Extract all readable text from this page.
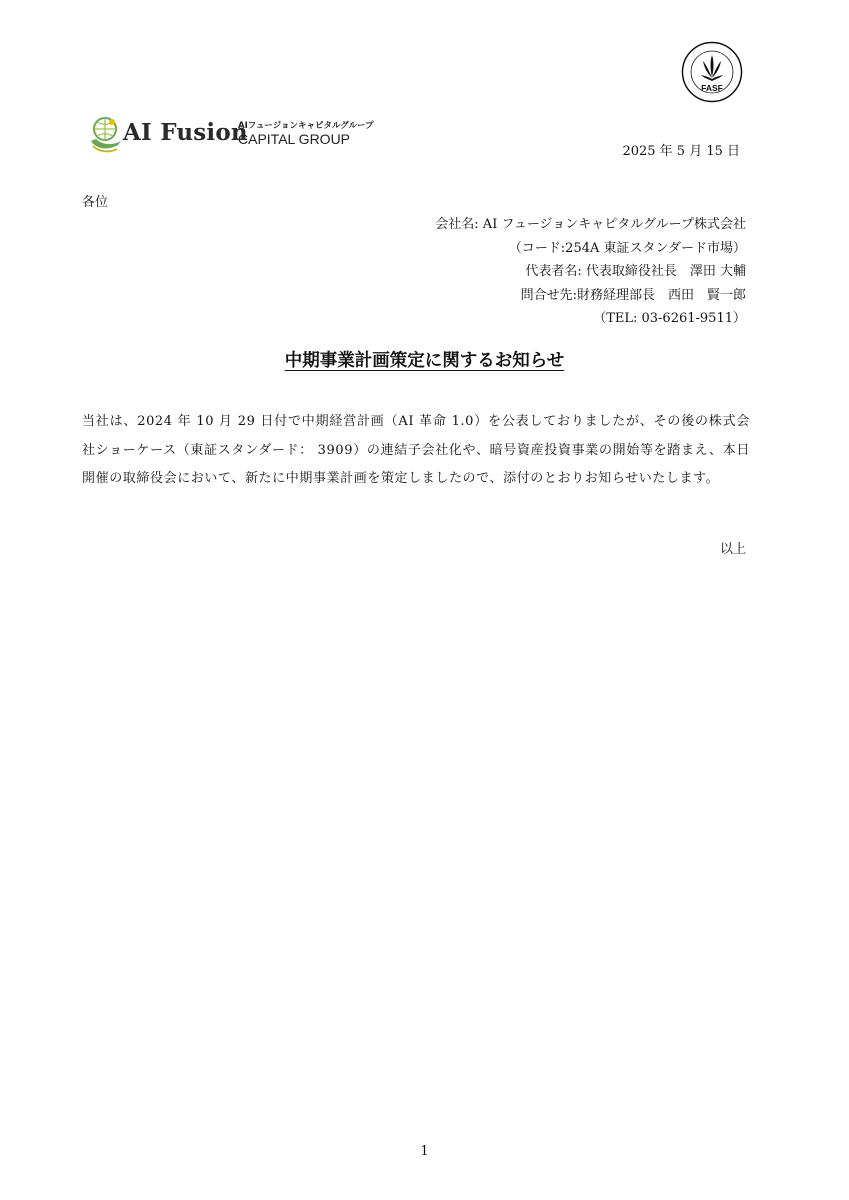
FASF
AI Fusion
AIフュージョンキャピタルグループ
CAPITAL GROUP
2025 年 5 月 15 日
各位
会社名: AI フュージョンキャピタルグループ株式会社
（コード:254A 東証スタンダード市場）
代表者名: 代表取締役社長　澤田 大輔
問合せ先:財務経理部長　西田　賢一郎
（TEL: 03-6261-9511）
中期事業計画策定に関するお知らせ
当社は、2024 年 10 月 29 日付で中期経営計画（AI 革命 1.0）を公表しておりましたが、その後の株式会社ショーケース（東証スタンダード： 3909）の連結子会社化や、暗号資産投資事業の開始等を踏まえ、本日開催の取締役会において、新たに中期事業計画を策定しましたので、添付のとおりお知らせいたします。
以上
1
